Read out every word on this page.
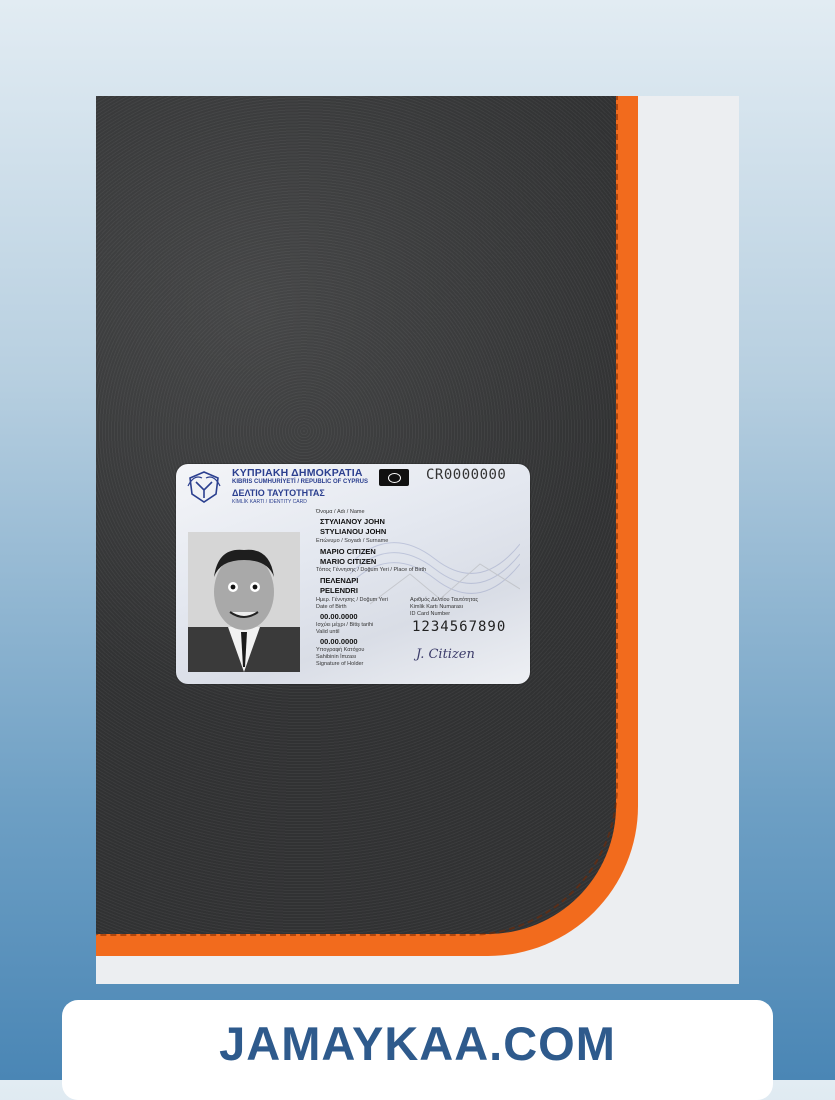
ΚΥΠΡΙΑΚΗ ΔΗΜΟΚΡΑΤΙΑ
KIBRIS CUMHURİYETİ / REPUBLIC OF CYPRUS
ΔΕΛΤΙΟ ΤΑΥΤΟΤΗΤΑΣ
KİMLİK KARTI / IDENTITY CARD
CR0000000
Όνομα / Adı / Name
ΣΤΥΛΙΑΝΟΥ JOHN
STYLIANOU JOHN
Επώνυμο / Soyadı / Surname
ΜΑΡΙΟ CITIZEN
MARIO CITIZEN
Τόπος Γέννησης / Doğum Yeri / Place of Birth
ΠΕΛΕΝΔΡΙ
PELENDRI
Ημερ. Γέννησης / Doğum Yeri
Date of Birth
00.00.0000
Ισχύει μέχρι / Bitiş tarihi
Valid until
00.00.0000
Υπογραφή Κατόχου
Sahibinin İmzası
Signature of Holder
Αριθμός Δελτίου Ταυτότητας
Kimlik Kartı Numarası
ID Card Number
1234567890
J. Citizen
JAMAYKAA.COM
